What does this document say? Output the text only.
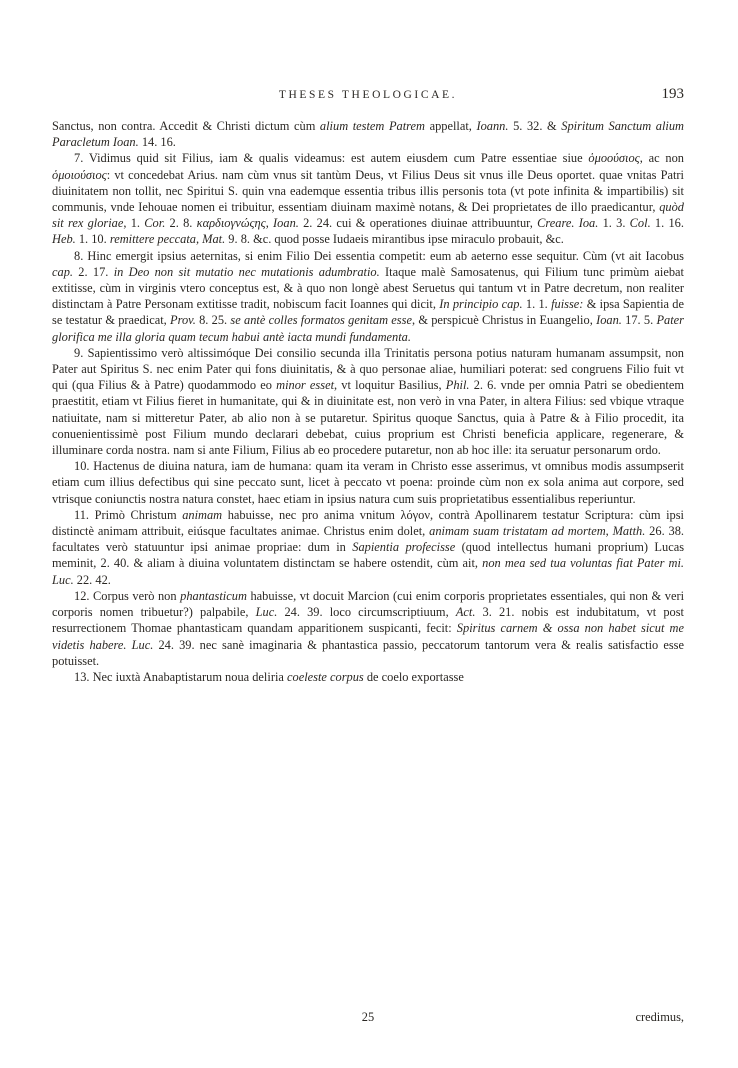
THESES THEOLOGICAE.	193

Sanctus, non contra. Accedit & Christi dictum cùm alium testem Patrem appellat, Ioann. 5. 32. & Spiritum Sanctum alium Paracletum Ioan. 14. 16.

7. Vidimus quid sit Filius, iam & qualis videamus: est autem eiusdem cum Patre essentiae siue ὁμοούσιος, ac non ὁμοιούσιος: vt concedebat Arius. nam cùm vnus sit tantùm Deus, vt Filius Deus sit vnus ille Deus oportet. quae vnitas Patri diuinitatem non tollit, nec Spiritui S. quin vna eademque essentia tribus illis personis tota (vt pote infinita & impartibilis) sit communis, vnde Iehouae nomen ei tribuitur, essentiam diuinam maximè notans, & Dei proprietates de illo praedicantur, quòd sit rex gloriae, 1. Cor. 2. 8. καρδιογνώςης, Ioan. 2. 24. cui & operationes diuinae attribuuntur, Creare. Ioa. 1. 3. Col. 1. 16. Heb. 1. 10. remittere peccata, Mat. 9. 8. &c. quod posse Iudaeis mirantibus ipse miraculo probauit, &c.

8. Hinc emergit ipsius aeternitas, si enim Filio Dei essentia competit: eum ab aeterno esse sequitur. Cùm (vt ait Iacobus cap. 2. 17. in Deo non sit mutatio nec mutationis adumbratio. Itaque malè Samosatenus, qui Filium tunc primùm aiebat extitisse, cùm in virginis vtero conceptus est, & à quo non longè abest Seruetus qui tantum vt in Patre decretum, non realiter distinctam à Patre Personam extitisse tradit, nobiscum facit Ioannes qui dicit, In principio cap. 1. 1. fuisse: & ipsa Sapientia de se testatur & praedicat, Prov. 8. 25. se antè colles formatos genitam esse, & perspicuè Christus in Euangelio, Ioan. 17. 5. Pater glorifica me illa gloria quam tecum habui antè iacta mundi fundamenta.

9. Sapientissimo verò altissimóque Dei consilio secunda illa Trinitatis persona potius naturam humanam assumpsit, non Pater aut Spiritus S. nec enim Pater qui fons diuinitatis, & à quo personae aliae, humiliari poterat: sed congruens Filio fuit vt qui (qua Filius & à Patre) quodammodo eo minor esset, vt loquitur Basilius, Phil. 2. 6. vnde per omnia Patri se obedientem praestitit, etiam vt Filius fieret in humanitate, qui & in diuinitate est, non verò in vna Pater, in altera Filius: sed vbique vtraque natiuitate, nam si mitteretur Pater, ab alio non à se putaretur. Spiritus quoque Sanctus, quia à Patre & à Filio procedit, ita conuenientissimè post Filium mundo declarari debebat, cuius proprium est Christi beneficia applicare, regenerare, & illuminare corda nostra. nam si ante Filium, Filius ab eo procedere putaretur, non ab hoc ille: ita seruatur personarum ordo.

10. Hactenus de diuina natura, iam de humana: quam ita veram in Christo esse asserimus, vt omnibus modis assumpserit etiam cum illius defectibus qui sine peccato sunt, licet à peccato vt poena: proinde cùm non ex sola anima aut corpore, sed vtrisque coniunctis nostra natura constet, haec etiam in ipsius natura cum suis proprietatibus essentialibus reperiuntur.

11. Primò Christum animam habuisse, nec pro anima vnitum λόγον, contrà Apollinarem testatur Scriptura: cùm ipsi distinctè animam attribuit, eiúsque facultates animae. Christus enim dolet, animam suam tristatam ad mortem, Matth. 26. 38. facultates verò statuuntur ipsi animae propriae: dum in Sapientia profecisse (quod intellectus humani proprium) Lucas meminit, 2. 40. & aliam à diuina voluntatem distinctam se habere ostendit, cùm ait, non mea sed tua voluntas fiat Pater mi. Luc. 22. 42.

12. Corpus verò non phantasticum habuisse, vt docuit Marcion (cui enim corporis proprietates essentiales, qui non & veri corporis nomen tribuetur?) palpabile, Luc. 24. 39. loco circumscriptiuum, Act. 3. 21. nobis est indubitatum, vt post resurrectionem Thomae phantasticam quandam apparitionem suspicanti, fecit: Spiritus carnem & ossa non habet sicut me videtis habere. Luc. 24. 39. nec sanè imaginaria & phantastica passio, peccatorum tantorum vera & realis satisfactio esse potuisset.

13. Nec iuxtà Anabaptistarum noua deliria coeleste corpus de coelo exportasse

25	credimus,
